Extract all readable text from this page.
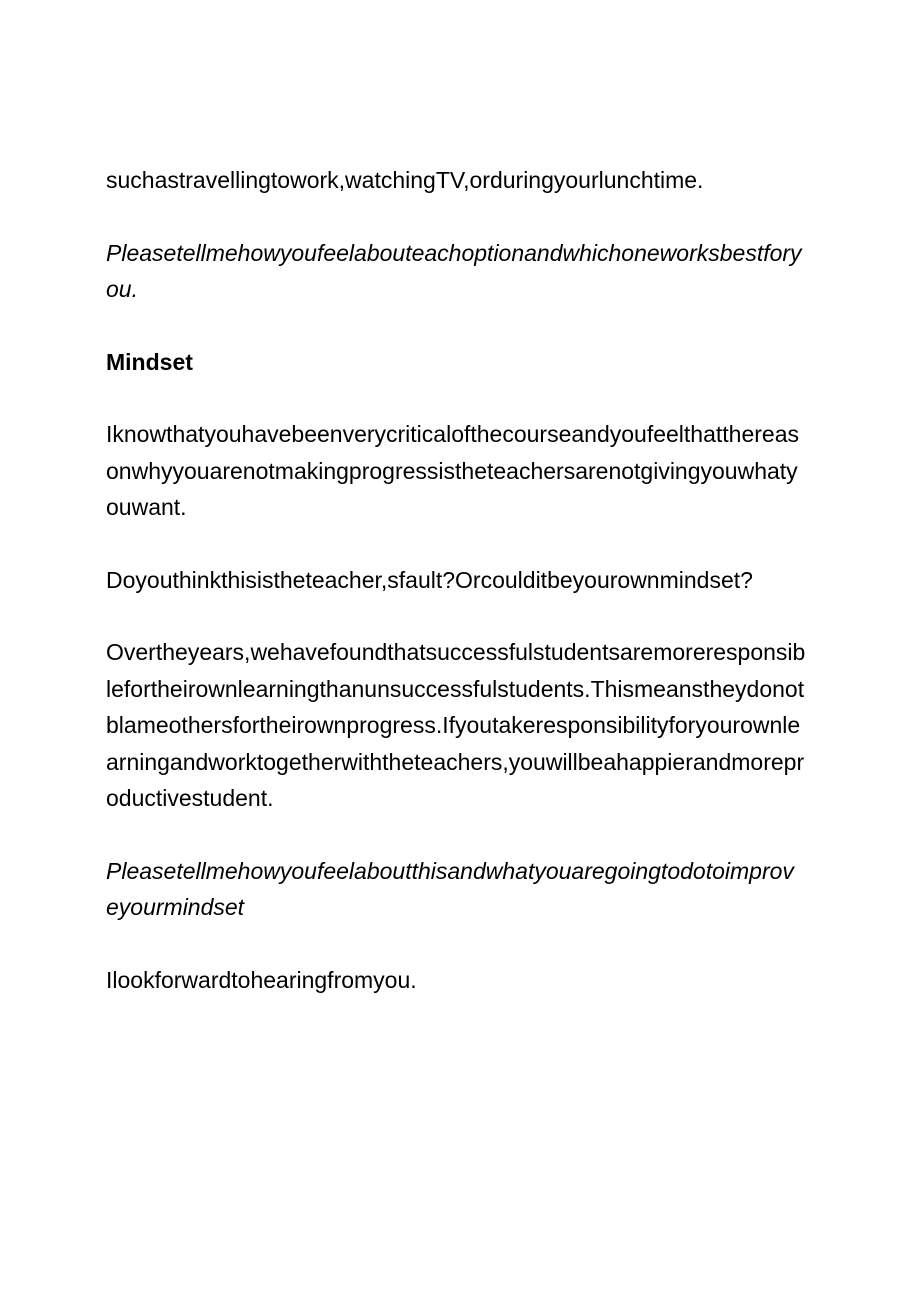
suchastravellingtowork,watchingTV,orduringyourlunchtime.

Pleasetellmehowyoufeelabouteachoptionandwhichoneworksbestforyou.

Mindset

Iknowthatyouhavebeenverycriticalofthecourseandyoufeelthatthereasonwhyyouarenotmakingprogressistheteachersarenotgivingyouwhatyouwant.

Doyouthinkthisistheteacher,sfault?Orcoulditbeyourownmindset?

Overtheyears,wehavefoundthatsuccessfulstudentsaremoreresponsiblefortheirownlearningthanunsuccessfulstudents.Thismeanstheydonotblameothersfortheirownprogress.Ifyoutakeresponsibilityforyourownlearningandworktogetherwiththeteachers,youwillbeahappierandmoreproductivestudent.

Pleasetellmehowyoufeelaboutthisandwhatyouaregoingtodotoimproveyourmindset

Ilookforwardtohearingfromyou.
